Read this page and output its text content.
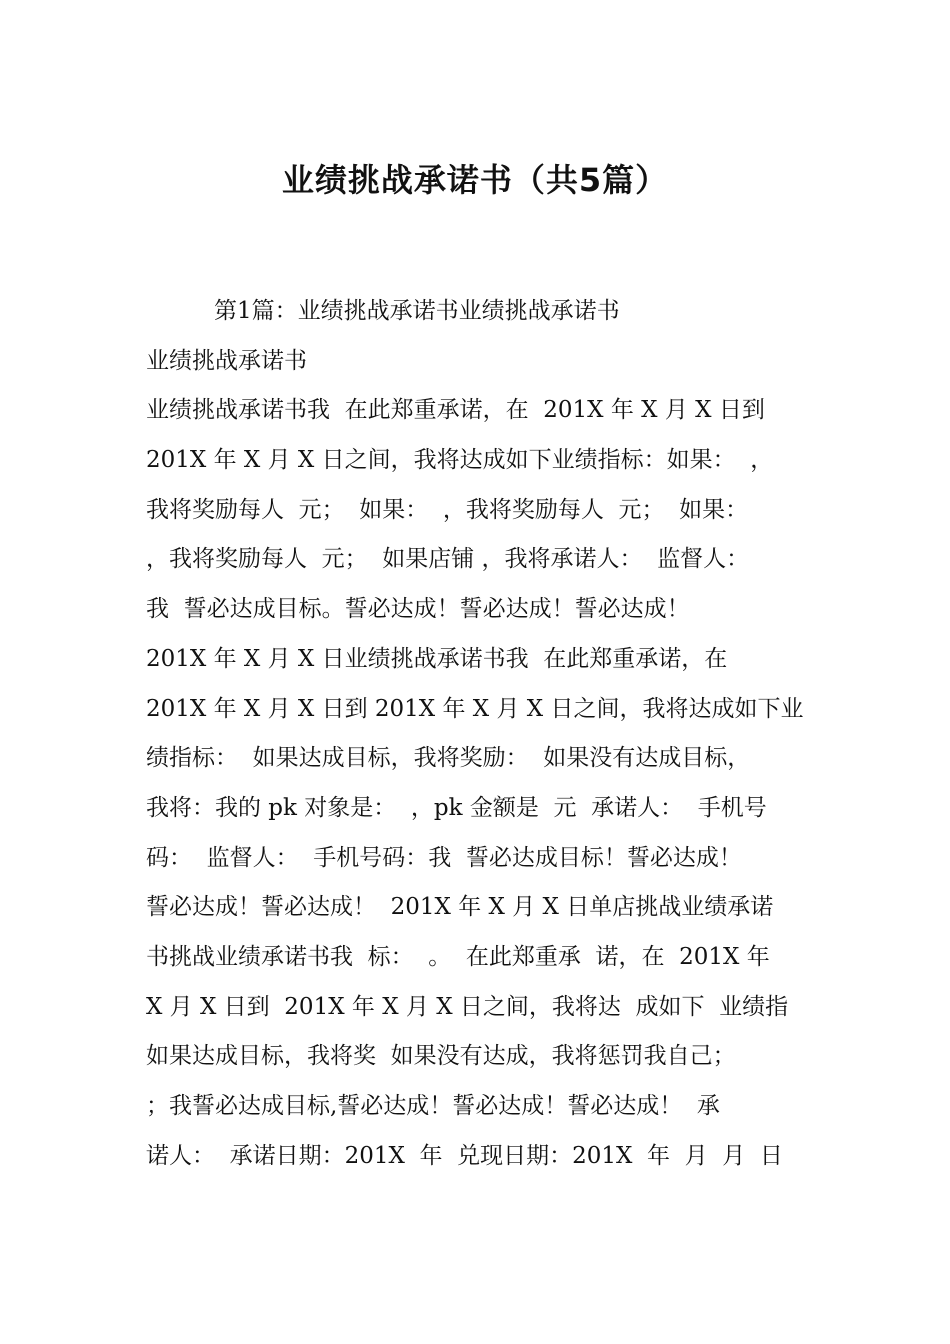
业绩挑战承诺书（共5篇）
第1篇：业绩挑战承诺书业绩挑战承诺书
业绩挑战承诺书
业绩挑战承诺书我  在此郑重承诺，在  201X 年 X 月 X 日到
201X 年 X 月 X 日之间，我将达成如下业绩指标：如果：  ，
我将奖励每人  元；  如果：  ，我将奖励每人  元；  如果：
，我将奖励每人  元；  如果店铺 ，我将承诺人：  监督人：
我  誓必达成目标。誓必达成！誓必达成！誓必达成！
201X 年 X 月 X 日业绩挑战承诺书我  在此郑重承诺，在
201X 年 X 月 X 日到 201X 年 X 月 X 日之间，我将达成如下业
绩指标：  如果达成目标，我将奖励：  如果没有达成目标，
我将：我的 pk 对象是：  ，pk 金额是  元  承诺人：  手机号
码：  监督人：  手机号码：我  誓必达成目标！誓必达成！
誓必达成！誓必达成！  201X 年 X 月 X 日单店挑战业绩承诺
书挑战业绩承诺书我  标：  。  在此郑重承  诺，在  201X 年
X 月 X 日到  201X 年 X 月 X 日之间，我将达  成如下  业绩指
如果达成目标，我将奖  如果没有达成，我将惩罚我自己；
；我誓必达成目标,誓必达成！誓必达成！誓必达成！  承
诺人：  承诺日期：201X  年  兑现日期：201X  年  月  月  日
